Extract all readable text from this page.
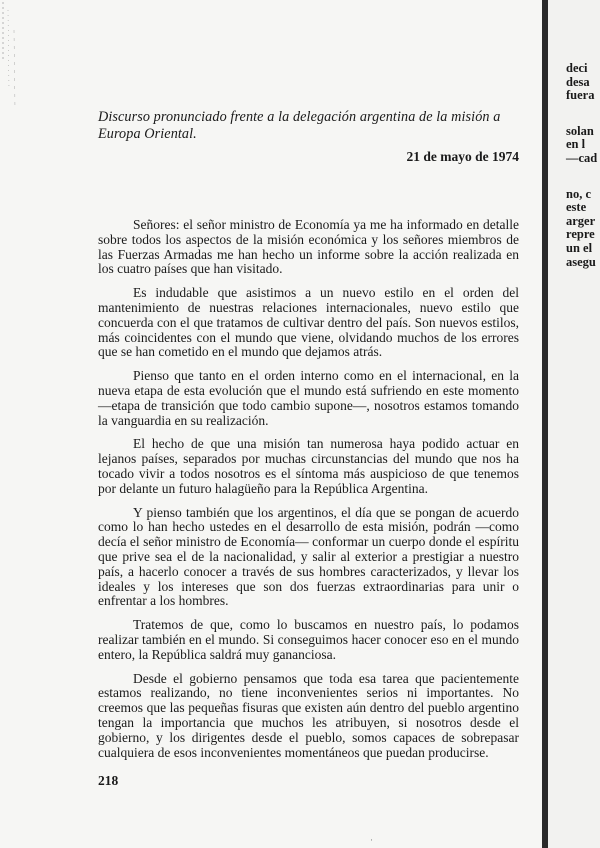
Discurso pronunciado frente a la delegación argentina de la misión a Europa Oriental.
21 de mayo de 1974

Señores: el señor ministro de Economía ya me ha informado en detalle sobre todos los aspectos de la misión económica y los señores miembros de las Fuerzas Armadas me han hecho un informe sobre la acción realizada en los cuatro países que han visitado.

Es indudable que asistimos a un nuevo estilo en el orden del mantenimiento de nuestras relaciones internacionales, nuevo estilo que concuerda con el que tratamos de cultivar dentro del país. Son nuevos estilos, más coincidentes con el mundo que viene, olvidando muchos de los errores que se han cometido en el mundo que dejamos atrás.

Pienso que tanto en el orden interno como en el internacional, en la nueva etapa de esta evolución que el mundo está sufriendo en este momento —etapa de transición que todo cambio supone—, nosotros estamos tomando la vanguardia en su realización.

El hecho de que una misión tan numerosa haya podido actuar en lejanos países, separados por muchas circunstancias del mundo que nos ha tocado vivir a todos nosotros es el síntoma más auspicioso de que tenemos por delante un futuro halagüeño para la República Argentina.

Y pienso también que los argentinos, el día que se pongan de acuerdo como lo han hecho ustedes en el desarrollo de esta misión, podrán —como decía el señor ministro de Economía— conformar un cuerpo donde el espíritu que prive sea el de la nacionalidad, y salir al exterior a prestigiar a nuestro país, a hacerlo conocer a través de sus hombres caracterizados, y llevar los ideales y los intereses que son dos fuerzas extraordinarias para unir o enfrentar a los hombres.

Tratemos de que, como lo buscamos en nuestro país, lo podamos realizar también en el mundo. Si conseguimos hacer conocer eso en el mundo entero, la República saldrá muy gananciosa.

Desde el gobierno pensamos que toda esa tarea que pacientemente estamos realizando, no tiene inconvenientes serios ni importantes. No creemos que las pequeñas fisuras que existen aún dentro del pueblo argentino tengan la importancia que muchos les atribuyen, si nosotros desde el gobierno, y los dirigentes desde el pueblo, somos capaces de sobrepasar cualquiera de esos inconvenientes momentáneos que puedan producirse.

218
·
deci
desa
fuera
solan
en l
—cad
no, c
este
arger
repre
un el
asegu
